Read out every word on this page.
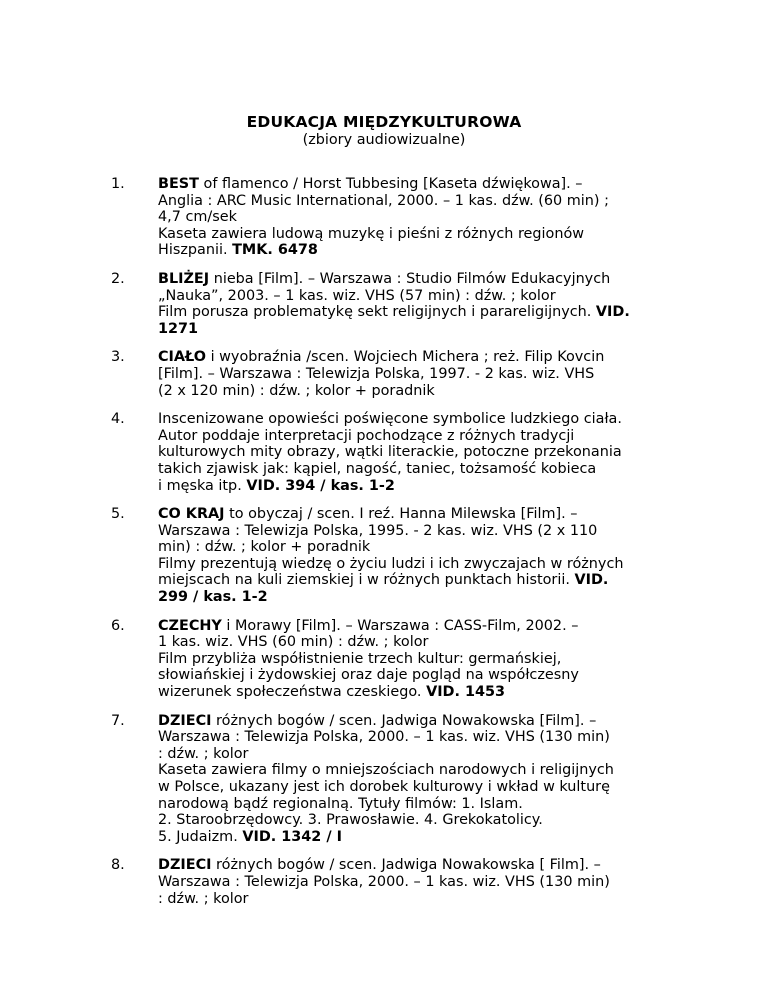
EDUKACJA MIĘDZYKULTUROWA
(zbiory audiowizualne)
1.	BEST of flamenco / Horst Tubbesing [Kaseta dźwiękowa]. –
Anglia : ARC Music International, 2000. – 1 kas. dźw. (60 min) ;
4,7 cm/sek
Kaseta zawiera ludową muzykę i pieśni z różnych regionów
Hiszpanii. TMK. 6478
2.	BLIŻEJ nieba [Film]. – Warszawa : Studio Filmów Edukacyjnych
„Nauka”, 2003. – 1 kas. wiz. VHS (57 min) : dźw. ; kolor
Film porusza problematykę sekt religijnych i parareligijnych. VID.
1271
3.	CIAŁO i wyobraźnia /scen. Wojciech Michera ; reż. Filip Kovcin
[Film]. – Warszawa : Telewizja Polska, 1997. - 2 kas. wiz. VHS
(2 x 120 min) : dźw. ; kolor + poradnik
4.	Inscenizowane opowieści poświęcone symbolice ludzkiego ciała.
Autor poddaje interpretacji pochodzące z różnych tradycji
kulturowych mity obrazy, wątki literackie, potoczne przekonania
takich zjawisk jak: kąpiel, nagość, taniec, tożsamość kobieca
i męska itp. VID. 394 / kas. 1-2
5.	CO KRAJ to obyczaj / scen. I reź. Hanna Milewska [Film]. –
Warszawa : Telewizja Polska, 1995. - 2 kas. wiz. VHS (2 x 110
min) : dźw. ; kolor + poradnik
Filmy prezentują wiedzę o życiu ludzi i ich zwyczajach w różnych
miejscach na kuli ziemskiej i w różnych punktach historii. VID.
299 / kas. 1-2
6.	CZECHY i Morawy [Film]. – Warszawa : CASS-Film, 2002. –
1 kas. wiz. VHS (60 min) : dźw. ; kolor
Film przybliża współistnienie trzech kultur: germańskiej,
słowiańskiej i żydowskiej oraz daje pogląd na współczesny
wizerunek społeczeństwa czeskiego. VID. 1453
7.	DZIECI różnych bogów / scen. Jadwiga Nowakowska [Film]. –
Warszawa : Telewizja Polska, 2000. – 1 kas. wiz. VHS (130 min)
: dźw. ; kolor
Kaseta zawiera filmy o mniejszościach narodowych i religijnych
w Polsce, ukazany jest ich dorobek kulturowy i wkład w kulturę
narodową bądź regionalną. Tytuły filmów: 1. Islam.
2. Staroobrzędowcy. 3. Prawosławie. 4. Grekokatolicy.
5. Judaizm. VID. 1342 / I
8.	DZIECI różnych bogów / scen. Jadwiga Nowakowska [ Film]. –
Warszawa : Telewizja Polska, 2000. – 1 kas. wiz. VHS (130 min)
: dźw. ; kolor
